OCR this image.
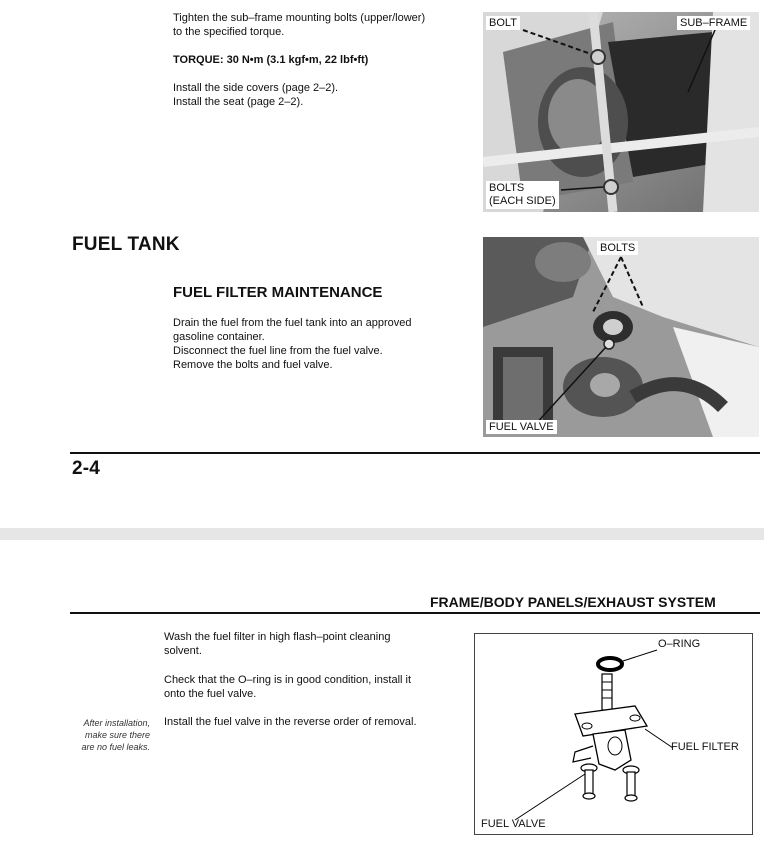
Tighten the sub–frame mounting bolts (upper/lower)
to the specified torque.
TORQUE: 30 N•m (3.1 kgf•m, 22 lbf•ft)
Install the side covers (page 2–2).
Install the seat (page 2–2).
BOLT	SUB–FRAME
BOLTS
(EACH SIDE)
FUEL TANK
FUEL FILTER MAINTENANCE
Drain the fuel from the fuel tank into an approved
gasoline container.
Disconnect the fuel line from the fuel valve.
Remove the bolts and fuel valve.
BOLTS
FUEL VALVE
2-4
FRAME/BODY PANELS/EXHAUST SYSTEM
Wash the fuel filter in high flash–point cleaning
solvent.
Check that the O–ring is in good condition, install it
onto the fuel valve.
Install the fuel valve in the reverse order of removal.
After installation,
make sure there
are no fuel leaks.
O–RING
FUEL FILTER
FUEL VALVE
